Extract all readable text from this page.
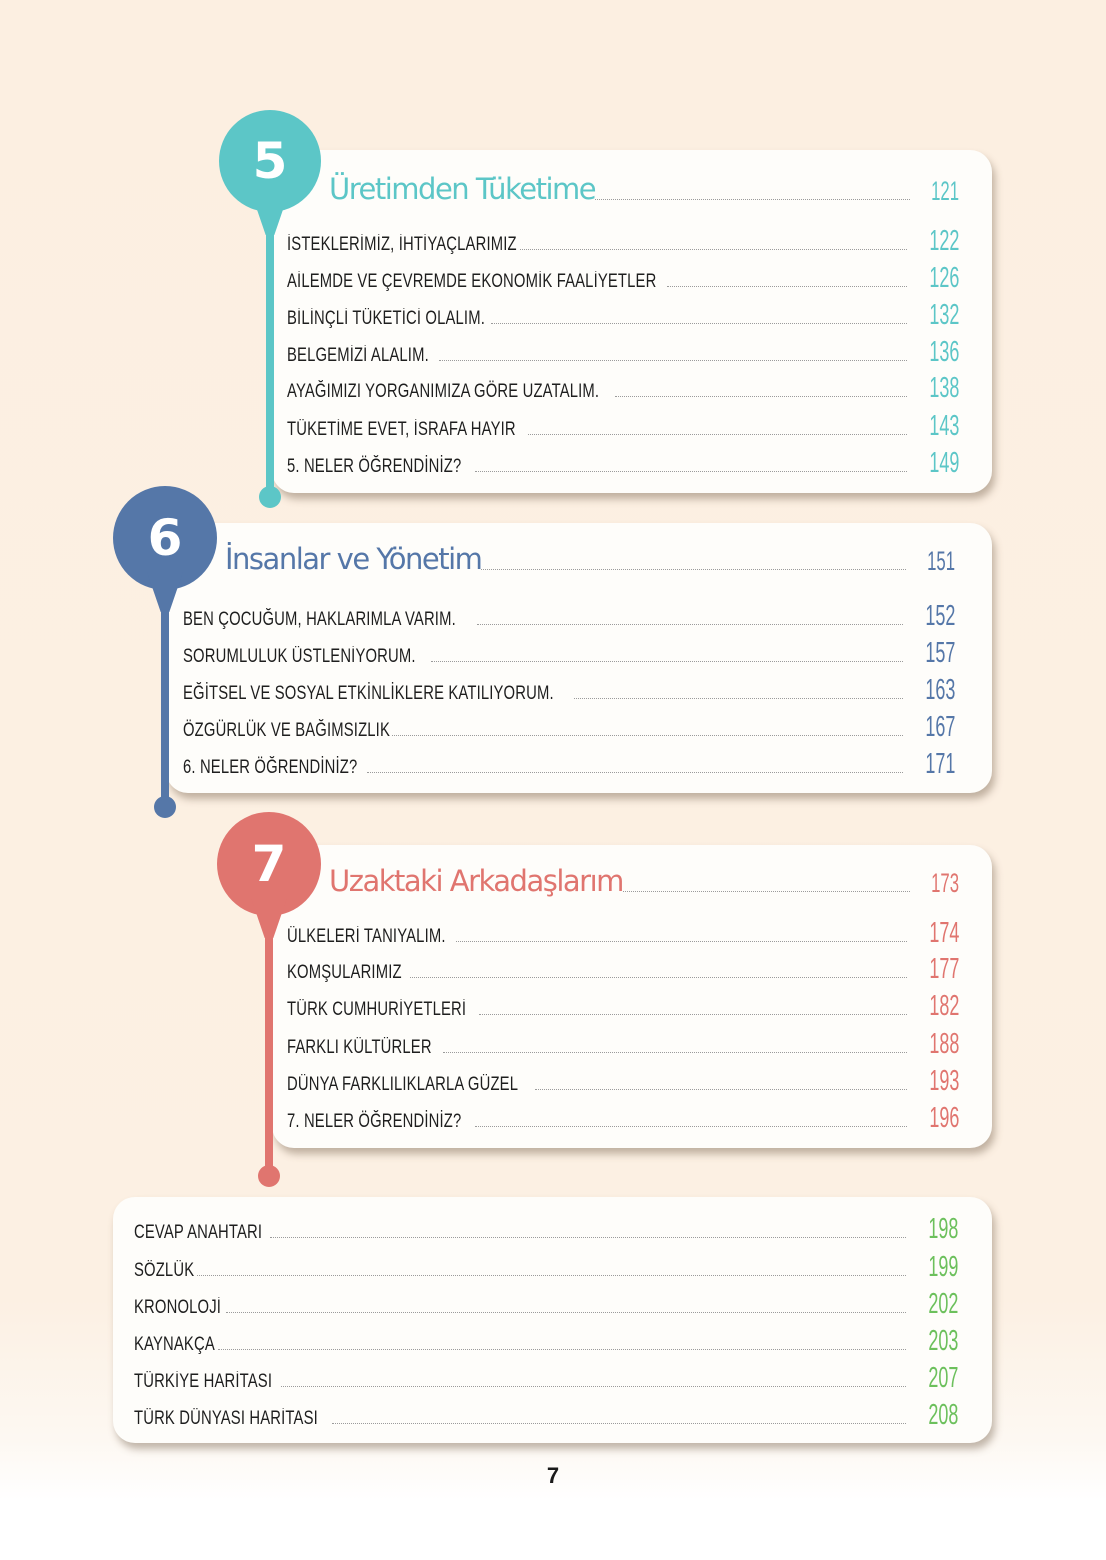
5 Üretimden Tüketime	121
İSTEKLERİMİZ, İHTİYAÇLARIMIZ	122
AİLEMDE VE ÇEVREMDE EKONOMİK FAALİYETLER	126
BİLİNÇLİ TÜKETİCİ OLALIM.	132
BELGEMİZİ ALALIM.	136
AYAĞIMIZI YORGANIMIZA GÖRE UZATALIM.	138
TÜKETİME EVET, İSRAFA HAYIR	143
5. NELER ÖĞRENDİNİZ?	149
6 İnsanlar ve Yönetim	151
BEN ÇOCUĞUM, HAKLARIMLA VARIM.	152
SORUMLULUK ÜSTLENİYORUM.	157
EĞİTSEL VE SOSYAL ETKİNLİKLERE KATILIYORUM.	163
ÖZGÜRLÜK VE BAĞIMSIZLIK	167
6. NELER ÖĞRENDİNİZ?	171
7 Uzaktaki Arkadaşlarım	173
ÜLKELERİ TANIYALIM.	174
KOMŞULARIMIZ	177
TÜRK CUMHURİYETLERİ	182
FARKLI KÜLTÜRLER	188
DÜNYA FARKLILIKLARLA GÜZEL	193
7. NELER ÖĞRENDİNİZ?	196
CEVAP ANAHTARI	198
SÖZLÜK	199
KRONOLOJİ	202
KAYNAKÇA	203
TÜRKİYE HARİTASI	207
TÜRK DÜNYASI HARİTASI	208
7
